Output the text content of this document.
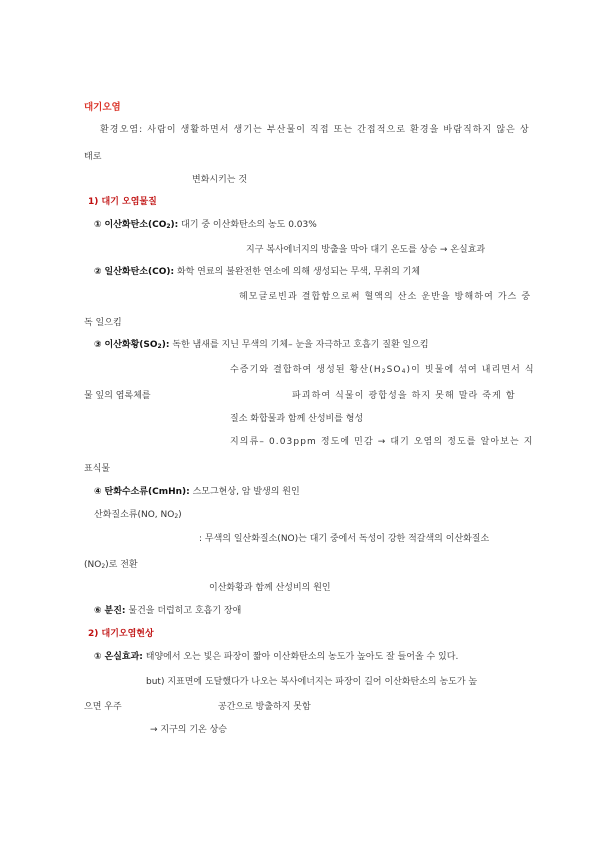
대기오염
환경오염: 사람이 생활하면서 생기는 부산물이 직접 또는 간접적으로 환경을 바람직하지 않은 상
태로
변화시키는 것
1) 대기 오염물질
① 이산화탄소$(CO_2)$: 대기 중 이산화탄소의 농도 0.03%
지구 복사에너지의 방출을 막아 대기 온도를 상승 → 온실효과
② 일산화탄소(CO): 화학 연료의 불완전한 연소에 의해 생성되는 무색, 무취의 기체
헤모글로빈과 결합함으로써 혈액의 산소 운반을 방해하여 가스 중
독 일으킴
③ 이산화황$(SO_2)$: 독한 냄새를 지닌 무색의 기체– 눈을 자극하고 호흡기 질환 일으킴
수증기와 결합하여 생성된 황산$(H_2SO_4)$이 빗물에 섞여 내리면서 식
물 잎의 엽록체를	파괴하여 식물이 광합성을 하지 못해 말라 죽게 함
질소 화합물과 함께 산성비를 형성
지의류– 0.03ppm 정도에 민감 → 대기 오염의 정도를 알아보는 지
표식물
④ 탄화수소류(CmHn): 스모그현상, 암 발생의 원인
산화질소류(NO, $NO_2$)
: 무색의 일산화질소(NO)는 대기 중에서 독성이 강한 적갈색의 이산화질소
$(NO_2)$로 전환
이산화황과 함께 산성비의 원인
⑥ 분진: 물건을 더럽히고 호흡기 장애
2) 대기오염현상
① 온실효과: 태양에서 오는 빛은 파장이 짧아 이산화탄소의 농도가 높아도 잘 들어올 수 있다.
but) 지표면에 도달했다가 나오는 복사에너지는 파장이 길어 이산화탄소의 농도가 높
으면 우주	공간으로 방출하지 못함
→ 지구의 기온 상승
